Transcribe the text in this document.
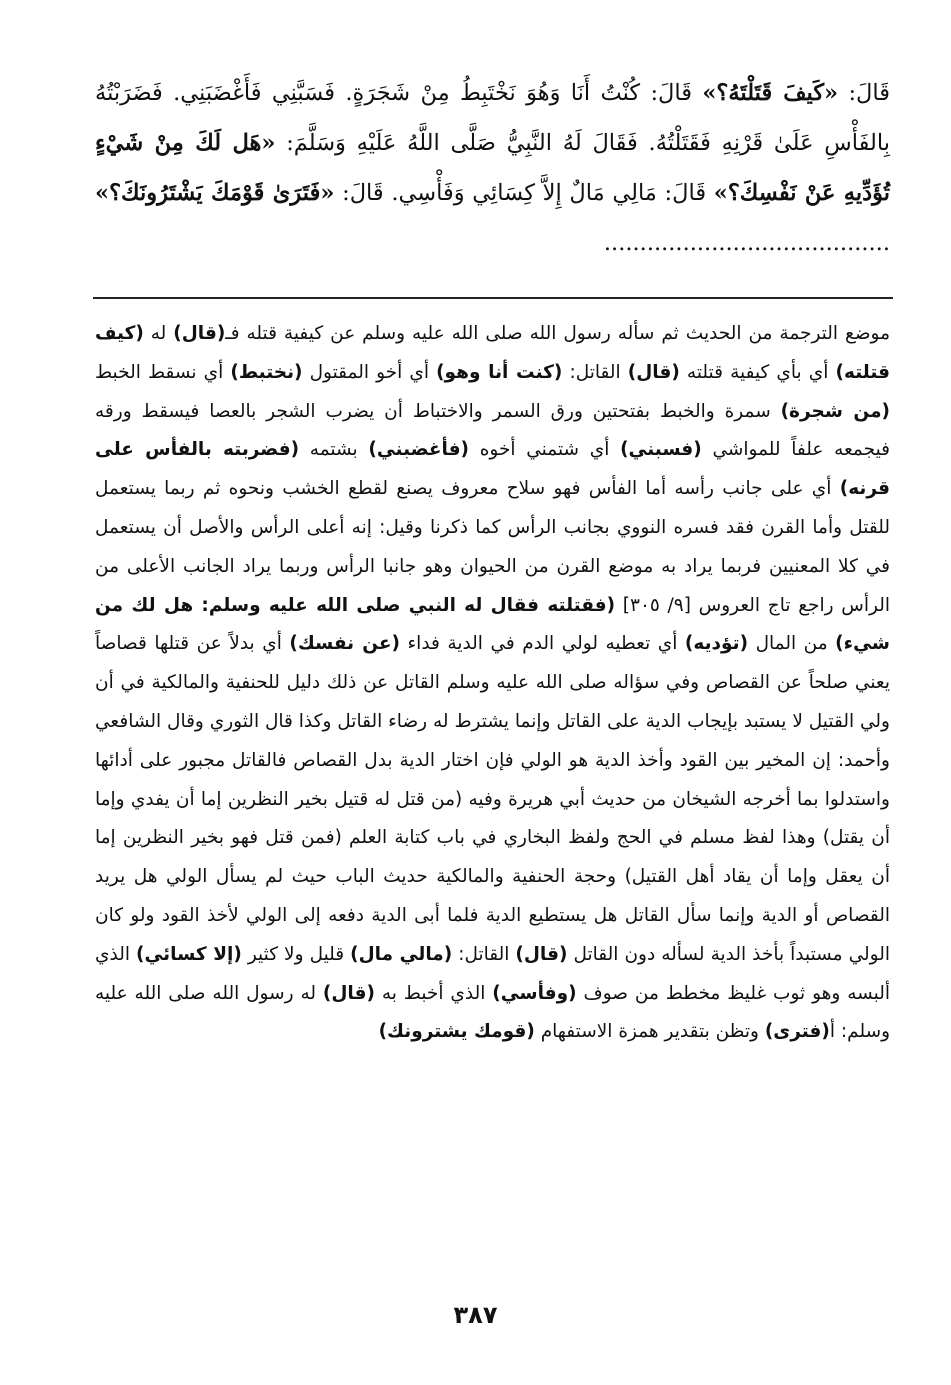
قَالَ: «كَيفَ قَتَلْتَهُ؟» قَالَ: كُنْتُ أَنَا وَهُوَ نَخْتَبِطُ مِنْ شَجَرَةٍ. فَسَبَّنِي فَأَغْضَبَنِي. فَضَرَبْتُهُ بِالفَأْسِ عَلَىٰ قَرْنِهِ فَقَتَلْتُهُ. فَقَالَ لَهُ النَّبِيُّ صَلَّى اللَّهُ عَلَيْهِ وَسَلَّمَ: «هَل لَكَ مِنْ شَيْءٍ تُؤَدِّيهِ عَنْ نَفْسِكَ؟» قَالَ: مَالِي مَالٌ إِلاَّ كِسَائِي وَفَأْسِي. قَالَ: «فَتَرَىٰ قَوْمَكَ يَشْتَرُونَكَ؟» ........................................
موضع الترجمة من الحديث ثم سأله رسول الله صلى الله عليه وسلم عن كيفية قتله فـ(قال) له (كيف قتلته) أي بأي كيفية قتلته (قال) القاتل: (كنت أنا وهو) أي أخو المقتول (نختبط) أي نسقط الخبط (من شجرة) سمرة والخبط بفتحتين ورق السمر والاختباط أن يضرب الشجر بالعصا فيسقط ورقه فيجمعه علفاً للمواشي (فسبني) أي شتمني أخوه (فأغضبني) بشتمه (فضربته بالفأس على قرنه) أي على جانب رأسه أما الفأس فهو سلاح معروف يصنع لقطع الخشب ونحوه ثم ربما يستعمل للقتل وأما القرن فقد فسره النووي بجانب الرأس كما ذكرنا وقيل: إنه أعلى الرأس والأصل أن يستعمل في كلا المعنيين فربما يراد به موضع القرن من الحيوان وهو جانبا الرأس وربما يراد الجانب الأعلى من الرأس راجع تاج العروس [٩/ ٣٠٥] (فقتلته فقال له النبي صلى الله عليه وسلم: هل لك من شيء) من المال (تؤديه) أي تعطيه لولي الدم في الدية فداء (عن نفسك) أي بدلاً عن قتلها قصاصاً يعني صلحاً عن القصاص وفي سؤاله صلى الله عليه وسلم القاتل عن ذلك دليل للحنفية والمالكية في أن ولي القتيل لا يستبد بإيجاب الدية على القاتل وإنما يشترط له رضاء القاتل وكذا قال الثوري وقال الشافعي وأحمد: إن المخير بين القود وأخذ الدية هو الولي فإن اختار الدية بدل القصاص فالقاتل مجبور على أدائها واستدلوا بما أخرجه الشيخان من حديث أبي هريرة وفيه (من قتل له قتيل بخير النظرين إما أن يفدي وإما أن يقتل) وهذا لفظ مسلم في الحج ولفظ البخاري في باب كتابة العلم (فمن قتل فهو بخير النظرين إما أن يعقل وإما أن يقاد أهل القتيل) وحجة الحنفية والمالكية حديث الباب حيث لم يسأل الولي هل يريد القصاص أو الدية وإنما سأل القاتل هل يستطيع الدية فلما أبى الدية دفعه إلى الولي لأخذ القود ولو كان الولي مستبداً بأخذ الدية لسأله دون القاتل (قال) القاتل: (مالي مال) قليل ولا كثير (إلا كسائي) الذي ألبسه وهو ثوب غليظ مخطط من صوف (وفأسي) الذي أخبط به (قال) له رسول الله صلى الله عليه وسلم: أ(فترى) وتظن بتقدير همزة الاستفهام (قومك يشترونك)
٣٨٧
